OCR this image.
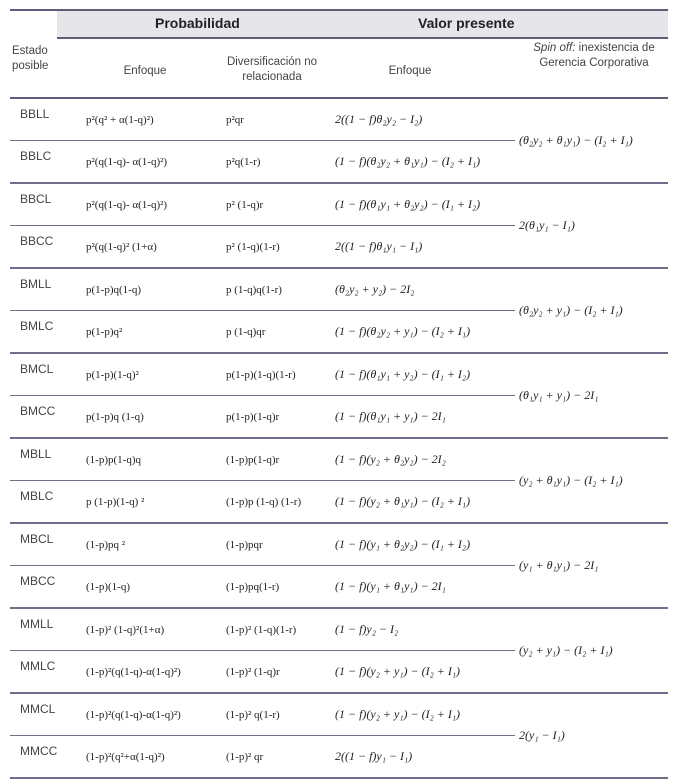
Probabilidad	Valor presente
Estado posible	Enfoque
Diversificación no relacionada	Enfoque
Spin off: inexistencia de Gerencia Corporativa
BBLL	p²(q² + α(1-q)²)	p²qr	2((1 − f)θ₂y₂ − I₂)	(θ₂y₂ + θ₁y₁) − (I₂ + I₁)
BBLC	p²(q(1-q)- α(1-q)²)	p²q(1-r)	(1 − f)(θ₂y₂ + θ₁y₁) − (I₂ + I₁)	
BBCL	p²(q(1-q)- α(1-q)²)	p² (1-q)r	(1 − f)(θ₁y₁ + θ₂y₂) − (I₁ + I₂)	2(θ₁y₁ − I₁)
BBCC	p²(q(1-q)² (1+α)	p² (1-q)(1-r)	2((1 − f)θ₁y₁ − I₁)	
BMLL	p(1-p)q(1-q)	p (1-q)q(1-r)	(θ₂y₂ + y₂) − 2I₂	(θ₂y₂ + y₁) − (I₂ + I₁)
BMLC	p(1-p)q²	p (1-q)qr	(1 − f)(θ₂y₂ + y₁) − (I₂ + I₁)	
BMCL	p(1-p)(1-q)²	p(1-p)(1-q)(1-r)	(1 − f)(θ₁y₁ + y₂) − (I₁ + I₂)	(θ₁y₁ + y₁) − 2I₁
BMCC	p(1-p)q (1-q)	p(1-p)(1-q)r	(1 − f)(θ₁y₁ + y₁) − 2I₁	
MBLL	(1-p)p(1-q)q	(1-p)p(1-q)r	(1 − f)(y₂ + θ₂y₂) − 2I₂	(y₂ + θ₁y₁) − (I₂ + I₁)
MBLC	p (1-p)(1-q) ²	(1-p)p (1-q) (1-r)	(1 − f)(y₂ + θ₁y₁) − (I₂ + I₁)	
MBCL	(1-p)pq ²	(1-p)pqr	(1 − f)(y₁ + θ₂y₂) − (I₁ + I₂)	(y₁ + θ₁y₁) − 2I₁
MBCC	(1-p)(1-q)	(1-p)pq(1-r)	(1 − f)(y₁ + θ₁y₁) − 2I₁	
MMLL	(1-p)² (1-q)²(1+α)	(1-p)² (1-q)(1-r)	(1 − f)y₂ − I₂	(y₂ + y₁) − (I₂ + I₁)
MMLC	(1-p)²(q(1-q)-α(1-q)²)	(1-p)² (1-q)r	(1 − f)(y₂ + y₁) − (I₂ + I₁)	
MMCL	(1-p)²(q(1-q)-α(1-q)²)	(1-p)² q(1-r)	(1 − f)(y₂ + y₁) − (I₂ + I₁)	2(y₁ − I₁)
MMCC	(1-p)²(q²+α(1-q)²)	(1-p)² qr	2((1 − f)y₁ − I₁)	
